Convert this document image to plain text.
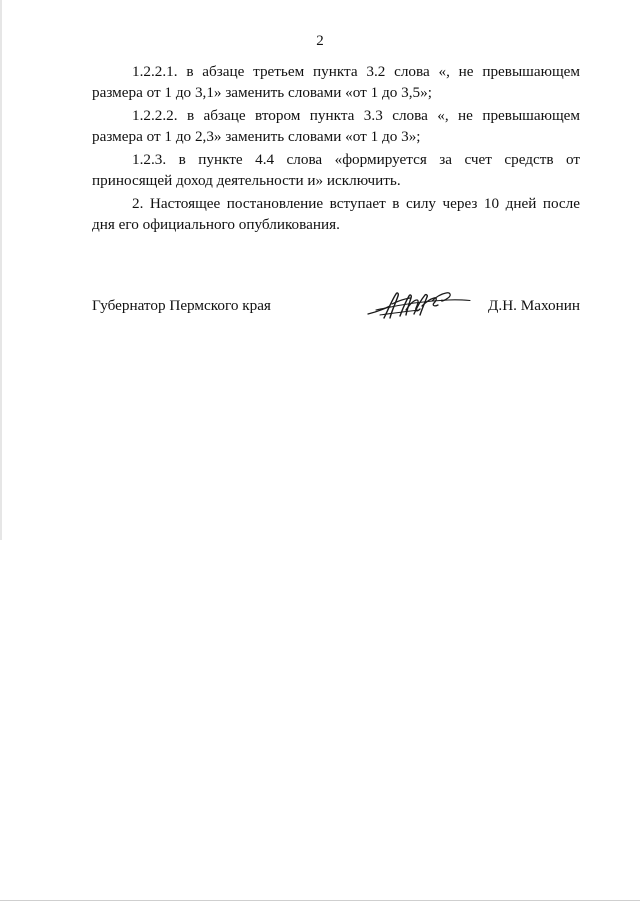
2

1.2.2.1. в абзаце третьем пункта 3.2 слова «, не превышающем размера от 1 до 3,1» заменить словами «от 1 до 3,5»;

1.2.2.2. в абзаце втором пункта 3.3 слова «, не превышающем размера от 1 до 2,3» заменить словами «от 1 до 3»;

1.2.3. в пункте 4.4 слова «формируется за счет средств от приносящей доход деятельности и» исключить.

2. Настоящее постановление вступает в силу через 10 дней после дня его официального опубликования.

Губернатор Пермского края	Д.Н. Махонин
